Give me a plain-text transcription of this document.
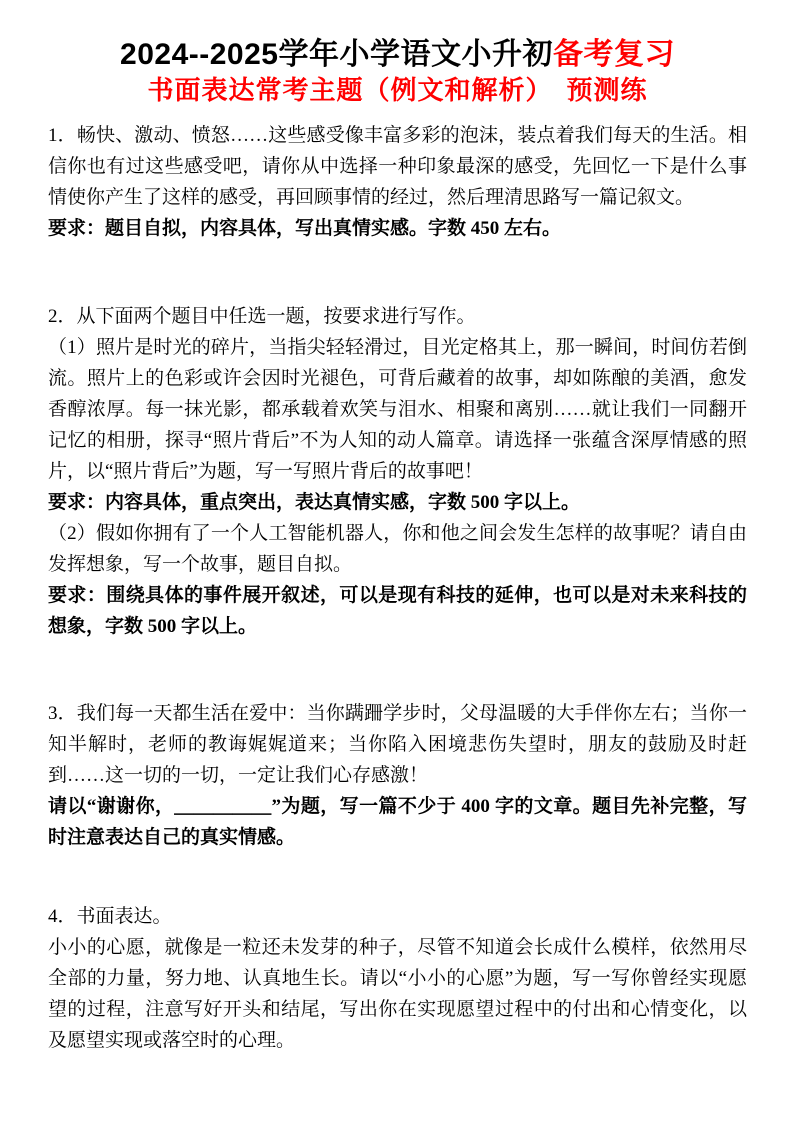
2024--2025学年小学语文小升初备考复习
书面表达常考主题（例文和解析）　预测练

1．畅快、激动、愤怒……这些感受像丰富多彩的泡沫，装点着我们每天的生活。相信你也有过这些感受吧，请你从中选择一种印象最深的感受，先回忆一下是什么事情使你产生了这样的感受，再回顾事情的经过，然后理清思路写一篇记叙文。

要求：题目自拟，内容具体，写出真情实感。字数 450 左右。

2．从下面两个题目中任选一题，按要求进行写作。

（1）照片是时光的碎片，当指尖轻轻滑过，目光定格其上，那一瞬间，时间仿若倒流。照片上的色彩或许会因时光褪色，可背后藏着的故事，却如陈酿的美酒，愈发香醇浓厚。每一抹光影，都承载着欢笑与泪水、相聚和离别……就让我们一同翻开记忆的相册，探寻“照片背后”不为人知的动人篇章。请选择一张蕴含深厚情感的照片，以“照片背后”为题，写一写照片背后的故事吧！

要求：内容具体，重点突出，表达真情实感，字数 500 字以上。

（2）假如你拥有了一个人工智能机器人，你和他之间会发生怎样的故事呢？请自由发挥想象，写一个故事，题目自拟。

要求：围绕具体的事件展开叙述，可以是现有科技的延伸，也可以是对未来科技的想象，字数 500 字以上。

3．我们每一天都生活在爱中：当你蹒跚学步时，父母温暖的大手伴你左右；当你一知半解时，老师的教诲娓娓道来；当你陷入困境悲伤失望时，朋友的鼓励及时赶到……这一切的一切，一定让我们心存感激！

请以“谢谢你，＿＿＿＿＿”为题，写一篇不少于 400 字的文章。题目先补完整，写时注意表达自己的真实情感。

4．书面表达。

小小的心愿，就像是一粒还未发芽的种子，尽管不知道会长成什么模样，依然用尽全部的力量，努力地、认真地生长。请以“小小的心愿”为题，写一写你曾经实现愿望的过程，注意写好开头和结尾，写出你在实现愿望过程中的付出和心情变化，以及愿望实现或落空时的心理。
